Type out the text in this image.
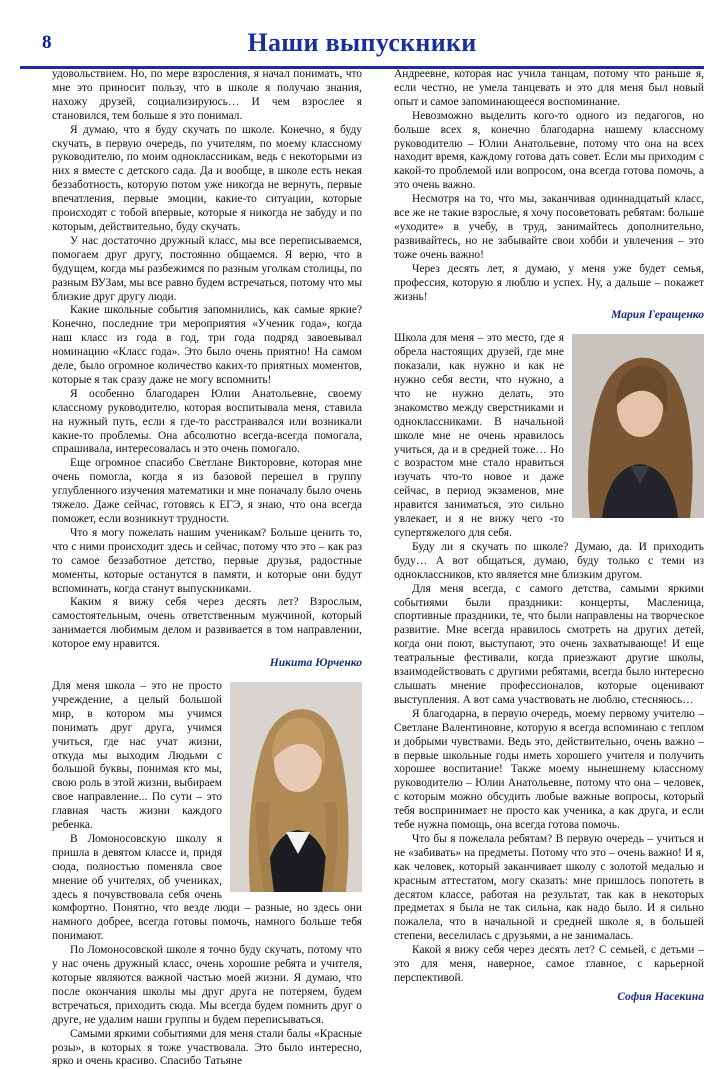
8	Наши выпускники

удовольствием. Но, по мере взросления, я начал понимать, что мне это приносит пользу, что в школе я получаю знания, нахожу друзей, социализируюсь… И чем взрослее я становился, тем больше я это понимал.

Я думаю, что я буду скучать по школе. Конечно, я буду скучать, в первую очередь, по учителям, по моему классному руководителю, по моим одноклассникам, ведь с некоторыми из них я вместе с детского сада. Да и вообще, в школе есть некая беззаботность, которую потом уже никогда не вернуть, первые впечатления, первые эмоции, какие-то ситуации, которые происходят с тобой впервые, которые я никогда не забуду и по которым, действительно, буду скучать.

У нас достаточно дружный класс, мы все переписываемся, помогаем друг другу, постоянно общаемся. Я верю, что в будущем, когда мы разбежимся по разным уголкам столицы, по разным ВУЗам, мы все равно будем встречаться, потому что мы близкие друг другу люди.

Какие школьные события запомнились, как самые яркие? Конечно, последние три мероприятия «Ученик года», когда наш класс из года в год, три года подряд завоевывал номинацию «Класс года». Это было очень приятно! На самом деле, было огромное количество каких-то приятных моментов, которые я так сразу даже не могу вспомнить!

Я особенно благодарен Юлии Анатольевне, своему классному руководителю, которая воспитывала меня, ставила на нужный путь, если я где-то расстраивался или возникали какие-то проблемы. Она абсолютно всегда-всегда помогала, спрашивала, интересовалась и это очень помогало.

Еще огромное спасибо Светлане Викторовне, которая мне очень помогла, когда я из базовой перешел в группу углубленного изучения математики и мне поначалу было очень тяжело. Даже сейчас, готовясь к ЕГЭ, я знаю, что она всегда поможет, если возникнут трудности.

Что я могу пожелать нашим ученикам? Больше ценить то, что с ними происходит здесь и сейчас, потому что это – как раз то самое беззаботное детство, первые друзья, радостные моменты, которые останутся в памяти, и которые они будут вспоминать, когда станут выпускниками.

Каким я вижу себя через десять лет? Взрослым, самостоятельным, очень ответственным мужчиной, который занимается любимым делом и развивается в том направлении, которое ему нравится.

Никита Юрченко

Для меня школа – это не просто учреждение, а целый большой мир, в котором мы учимся понимать друг друга, учимся учиться, где нас учат жизни, откуда мы выходим Людьми с большой буквы, понимая кто мы, свою роль в этой жизни, выбираем свое направление... По сути – это главная часть жизни каждого ребенка.

В Ломоносовскую школу я пришла в девятом классе и, придя сюда, полностью поменяла свое мнение об учителях, об учениках, здесь я почувствовала себя очень комфортно. Понятно, что везде люди – разные, но здесь они намного добрее, всегда готовы помочь, намного больше тебя понимают.

По Ломоносовской школе я точно буду скучать, потому что у нас очень дружный класс, очень хорошие ребята и учителя, которые являются важной частью моей жизни. Я думаю, что после окончания школы мы друг друга не потеряем, будем встречаться, приходить сюда. Мы всегда будем помнить друг о друге, не удалим наши группы и будем переписываться.

Самыми яркими событиями для меня стали балы «Красные розы», в которых я тоже участвовала. Это было интересно, ярко и очень красиво. Спасибо Татьяне

Андреевне, которая нас учила танцам, потому что раньше я, если честно, не умела танцевать и это для меня был новый опыт и самое запоминающееся воспоминание.

Невозможно выделить кого-то одного из педагогов, но больше всех я, конечно благодарна нашему классному руководителю – Юлии Анатольевне, потому что она на всех находит время, каждому готова дать совет. Если мы приходим с какой-то проблемой или вопросом, она всегда готова помочь, а это очень важно.

Несмотря на то, что мы, заканчивая одиннадцатый класс, все же не такие взрослые, я хочу посоветовать ребятам: больше «уходите» в учебу, в труд, занимайтесь дополнительно, развивайтесь, но не забывайте свои хобби и увлечения – это тоже очень важно!

Через десять лет, я думаю, у меня уже будет семья, профессия, которую я люблю и успех. Ну, а дальше – покажет жизнь!

Мария Геращенко

Школа для меня – это место, где я обрела настоящих друзей, где мне показали, как нужно и как не нужно себя вести, что нужно, а что не нужно делать, это знакомство между сверстниками и одноклассниками. В начальной школе мне не очень нравилось учиться, да и в средней тоже… Но с возрастом мне стало нравиться изучать что-то новое и даже сейчас, в период экзаменов, мне нравится заниматься, это сильно увлекает, и я не вижу чего -то супертяжелого для себя.

Буду ли я скучать по школе? Думаю, да. И приходить буду… А вот общаться, думаю, буду только с теми из одноклассников, кто является мне близким другом.

Для меня всегда, с самого детства, самыми яркими событиями были праздники: концерты, Масленица, спортивные праздники, те, что были направлены на творческое развитие. Мне всегда нравилось смотреть на других детей, когда они поют, выступают, это очень захватывающе! И еще театральные фестивали, когда приезжают другие школы, взаимодействовать с другими ребятами, всегда было интересно слышать мнение профессионалов, которые оценивают выступления. А вот сама участвовать не люблю, стесняюсь…

Я благодарна, в первую очередь, моему первому учителю – Светлане Валентиновне, которую я всегда вспоминаю с теплом и добрыми чувствами. Ведь это, действительно, очень важно – в первые школьные годы иметь хорошего учителя и получить хорошее воспитание! Также моему нынешнему классному руководителю – Юлии Анатольевне, потому что она – человек, с которым можно обсудить любые важные вопросы, который тебя воспринимает не просто как ученика, а как друга, и если тебе нужна помощь, она всегда готова помочь.

Что бы я пожелала ребятам? В первую очередь – учиться и не «забивать» на предметы. Потому что это – очень важно! И я, как человек, который заканчивает школу с золотой медалью и красным аттестатом, могу сказать: мне пришлось попотеть в десятом классе, работая на результат, так как в некоторых предметах я была не так сильна, как надо было. И я сильно пожалела, что в начальной и средней школе я, в большей степени, веселилась с друзьями, а не занималась.

Какой я вижу себя через десять лет? С семьей, с детьми – это для меня, наверное, самое главное, с карьерной перспективой.

София Насекина
